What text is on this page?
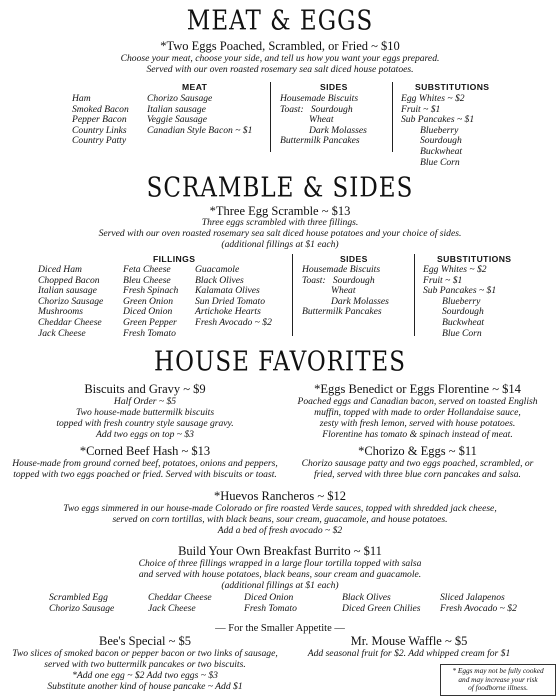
MEAT & EGGS
*Two Eggs Poached, Scrambled, or Fried ~ $10
Choose your meat, choose your side, and tell us how you want your eggs prepared.
Served with our oven roasted rosemary sea salt diced house potatoes.
MEAT
Ham
Smoked Bacon
Pepper Bacon
Country Links
Country Patty
Chorizo Sausage
Italian sausage
Veggie Sausage
Canadian Style Bacon ~ $1
SIDES
Housemade Biscuits
Toast: Sourdough
Wheat
Dark Molasses
Buttermilk Pancakes
SUBSTITUTIONS
Egg Whites ~ $2
Fruit ~ $1
Sub Pancakes ~ $1
Blueberry
Sourdough
Buckwheat
Blue Corn
SCRAMBLE & SIDES
*Three Egg Scramble ~ $13
Three eggs scrambled with three fillings.
Served with our oven roasted rosemary sea salt diced house potatoes and your choice of sides.
(additional fillings at $1 each)
FILLINGS
Diced Ham
Chopped Bacon
Italian sausage
Chorizo Sausage
Mushrooms
Cheddar Cheese
Jack Cheese
Feta Cheese
Bleu Cheese
Fresh Spinach
Green Onion
Diced Onion
Green Pepper
Fresh Tomato
Guacamole
Black Olives
Kalamata Olives
Sun Dried Tomato
Artichoke Hearts
Fresh Avocado ~ $2
SIDES
Housemade Biscuits
Toast: Sourdough
Wheat
Dark Molasses
Buttermilk Pancakes
SUBSTITUTIONS
Egg Whites ~ $2
Fruit ~ $1
Sub Pancakes ~ $1
Blueberry
Sourdough
Buckwheat
Blue Corn
HOUSE FAVORITES
Biscuits and Gravy ~ $9
Half Order ~ $5
Two house-made buttermilk biscuits
topped with fresh country style sausage gravy.
Add two eggs on top ~ $3
*Eggs Benedict or Eggs Florentine ~ $14
Poached eggs and Canadian bacon, served on toasted English
muffin, topped with made to order Hollandaise sauce,
zesty with fresh lemon, served with house potatoes.
Florentine has tomato & spinach instead of meat.
*Corned Beef Hash ~ $13
House-made from ground corned beef, potatoes, onions and peppers,
topped with two eggs poached or fried. Served with biscuits or toast.
*Chorizo & Eggs ~ $11
Chorizo sausage patty and two eggs poached, scrambled, or
fried, served with three blue corn pancakes and salsa.
*Huevos Rancheros ~ $12
Two eggs simmered in our house-made Colorado or fire roasted Verde sauces, topped with shredded jack cheese,
served on corn tortillas, with black beans, sour cream, guacamole, and house potatoes.
Add a bed of fresh avocado ~ $2
Build Your Own Breakfast Burrito ~ $11
Choice of three fillings wrapped in a large flour tortilla topped with salsa
and served with house potatoes, black beans, sour cream and guacamole.
(additional fillings at $1 each)
Scrambled Egg
Chorizo Sausage
Cheddar Cheese
Jack Cheese
Diced Onion
Fresh Tomato
Black Olives
Diced Green Chilies
Sliced Jalapenos
Fresh Avocado ~ $2
— For the Smaller Appetite —
Bee's Special ~ $5
Two slices of smoked bacon or pepper bacon or two links of sausage,
served with two buttermilk pancakes or two biscuits.
*Add one egg ~ $2 Add two eggs ~ $3
Substitute another kind of house pancake ~ Add $1
Mr. Mouse Waffle ~ $5
Add seasonal fruit for $2. Add whipped cream for $1
* Eggs may not be fully cooked
and may increase your risk
of foodborne illness.
